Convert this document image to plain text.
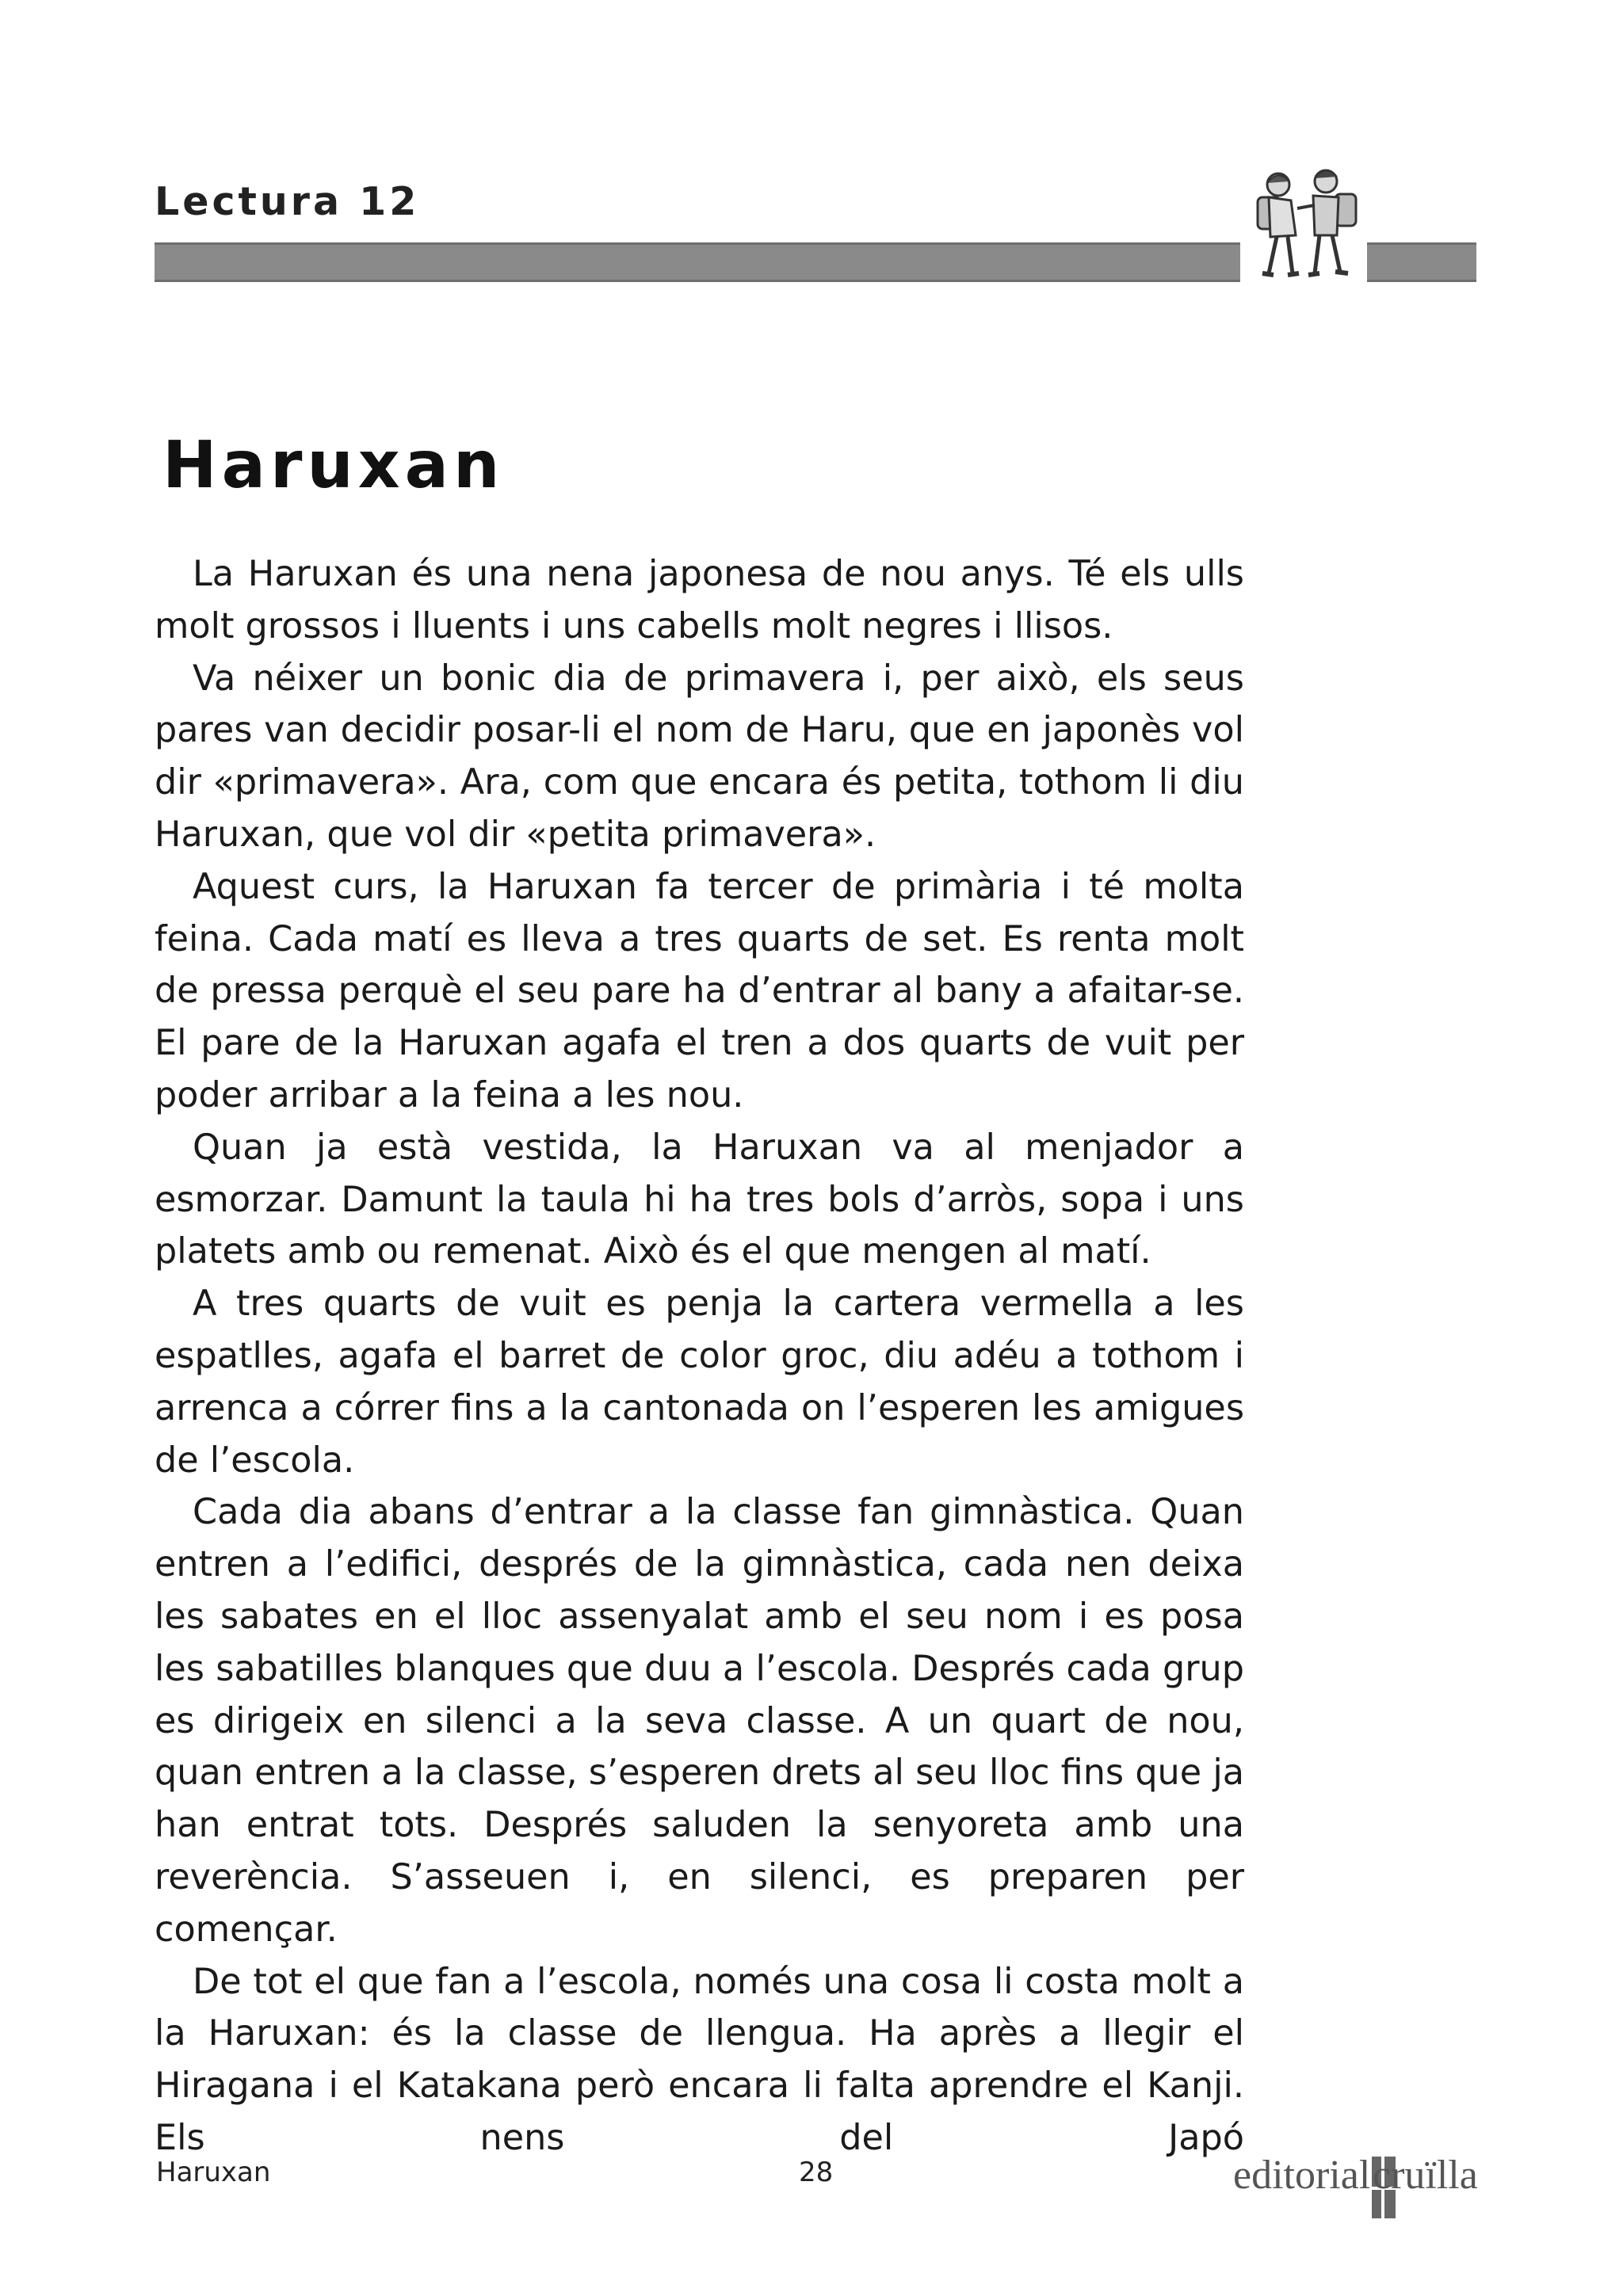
Lectura 12
Haruxan

La Haruxan és una nena japonesa de nou anys. Té els ulls molt grossos i lluents i uns cabells molt negres i llisos.

Va néixer un bonic dia de primavera i, per això, els seus pares van decidir posar-li el nom de Haru, que en japonès vol dir «primavera». Ara, com que encara és petita, tothom li diu Haruxan, que vol dir «petita primavera».

Aquest curs, la Haruxan fa tercer de primària i té molta feina. Cada matí es lleva a tres quarts de set. Es renta molt de pressa perquè el seu pare ha d’entrar al bany a afaitar-se. El pare de la Haruxan agafa el tren a dos quarts de vuit per poder arribar a la feina a les nou.

Quan ja està vestida, la Haruxan va al menjador a esmorzar. Damunt la taula hi ha tres bols d’arròs, sopa i uns platets amb ou remenat. Això és el que mengen al matí.

A tres quarts de vuit es penja la cartera vermella a les espatlles, agafa el barret de color groc, diu adéu a tothom i arrenca a córrer fins a la cantonada on l’esperen les amigues de l’escola.

Cada dia abans d’entrar a la classe fan gimnàstica. Quan entren a l’edifici, després de la gimnàstica, cada nen deixa les sabates en el lloc assenyalat amb el seu nom i es posa les sabatilles blanques que duu a l’escola. Després cada grup es dirigeix en silenci a la seva classe. A un quart de nou, quan entren a la classe, s’esperen drets al seu lloc fins que ja han entrat tots. Després saluden la senyoreta amb una reverència. S’asseuen i, en silenci, es preparen per començar.

De tot el que fan a l’escola, només una cosa li costa molt a la Haruxan: és la classe de llengua. Ha après a llegir el Hiragana i el Katakana però encara li falta aprendre el Kanji. Els nens del Japó

Haruxan	28	editorial cruïlla
